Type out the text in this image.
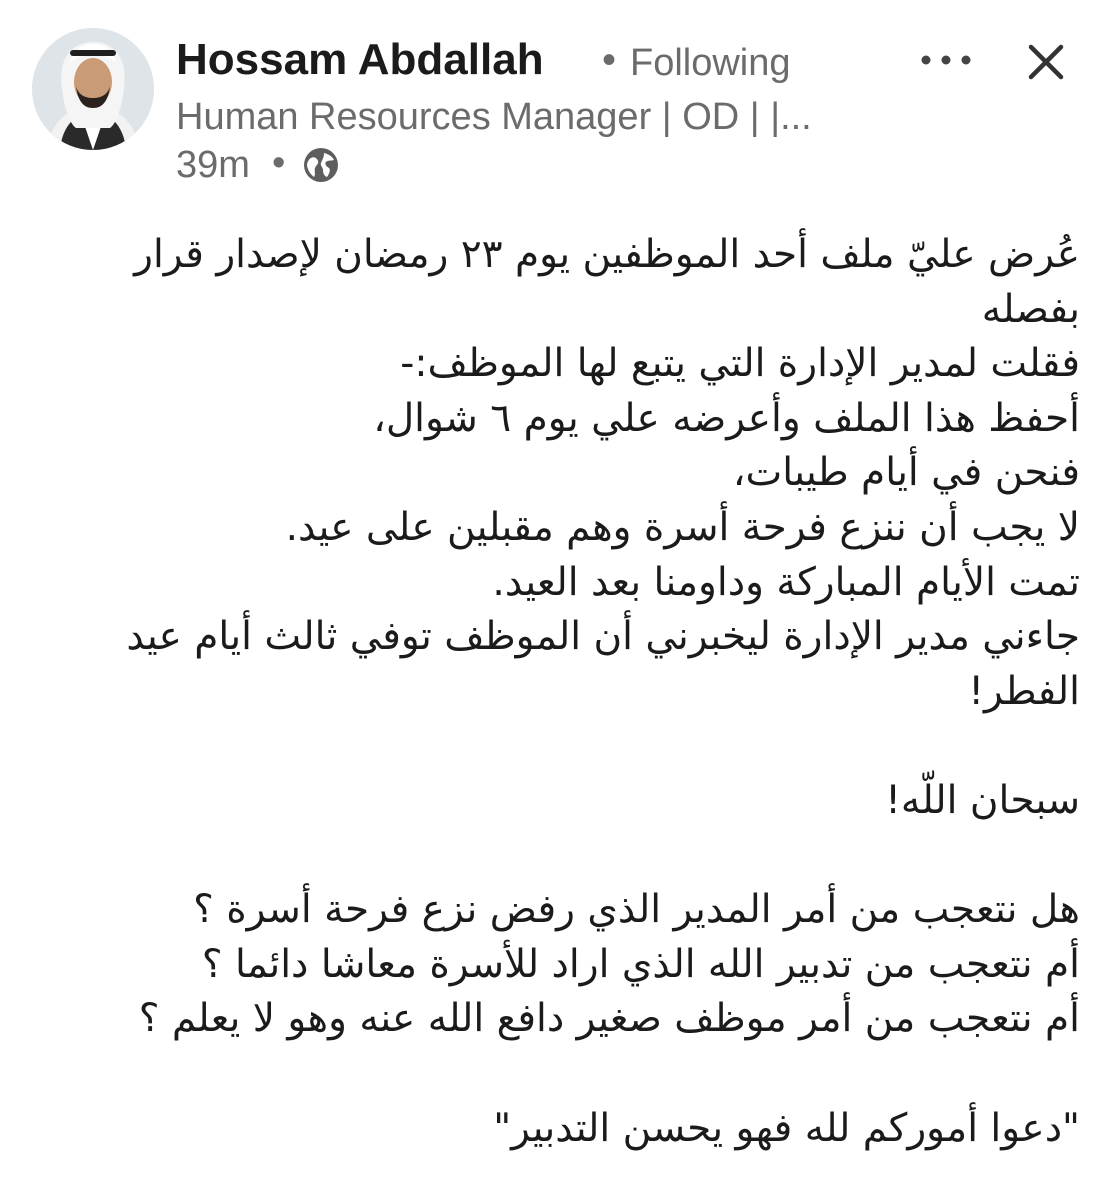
Hossam Abdallah • Following
Human Resources Manager | OD | |...
39m •
عُرض عليّ ملف أحد الموظفين يوم ٢٣ رمضان لإصدار قرار
بفصله
فقلت لمدير الإدارة التي يتبع لها الموظف:-
أحفظ هذا الملف وأعرضه علي يوم ٦ شوال،
فنحن في أيام طيبات،
لا يجب أن ننزع فرحة أسرة وهم مقبلين على عيد.
تمت الأيام المباركة وداومنا بعد العيد.
جاءني مدير الإدارة ليخبرني أن الموظف توفي ثالث أيام عيد
الفطر!
سبحان اللّه!
هل نتعجب من أمر المدير الذي رفض نزع فرحة أسرة ؟
أم نتعجب من تدبير الله الذي اراد للأسرة معاشا دائما ؟
أم نتعجب من أمر موظف صغير دافع الله عنه وهو لا يعلم ؟
"دعوا أموركم لله فهو يحسن التدبير"
